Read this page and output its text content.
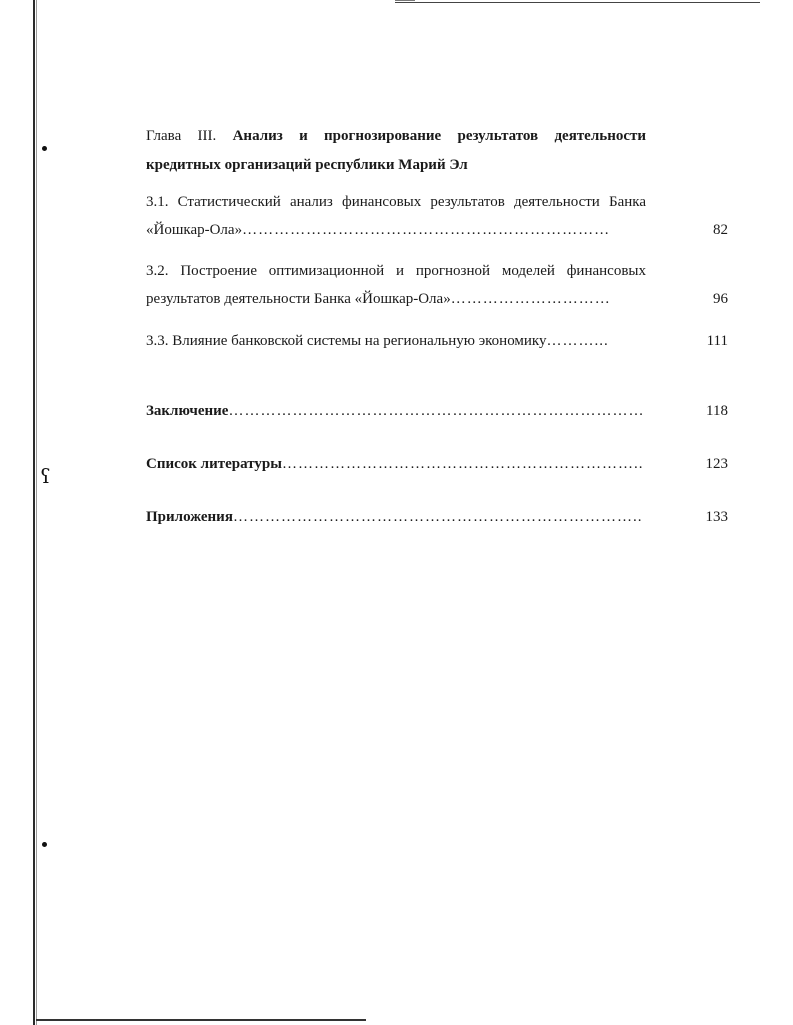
ʕ
Глава III. Анализ и прогнозирование результатов деятельности кредитных организаций республики Марий Эл
3.1. Статистический анализ финансовых результатов деятельности Банка «Йошкар-Ола»……………………………………………………………	82
3.2. Построение оптимизационной и прогнозной моделей финансовых результатов деятельности Банка «Йошкар-Ола»…………………………	96
3.3. Влияние банковской системы на региональную экономику………...	111
Заключение……………………………………………………………………	118
Список литературы…………………………………………………………..	123
Приложения…………………………………………………………………..	133
